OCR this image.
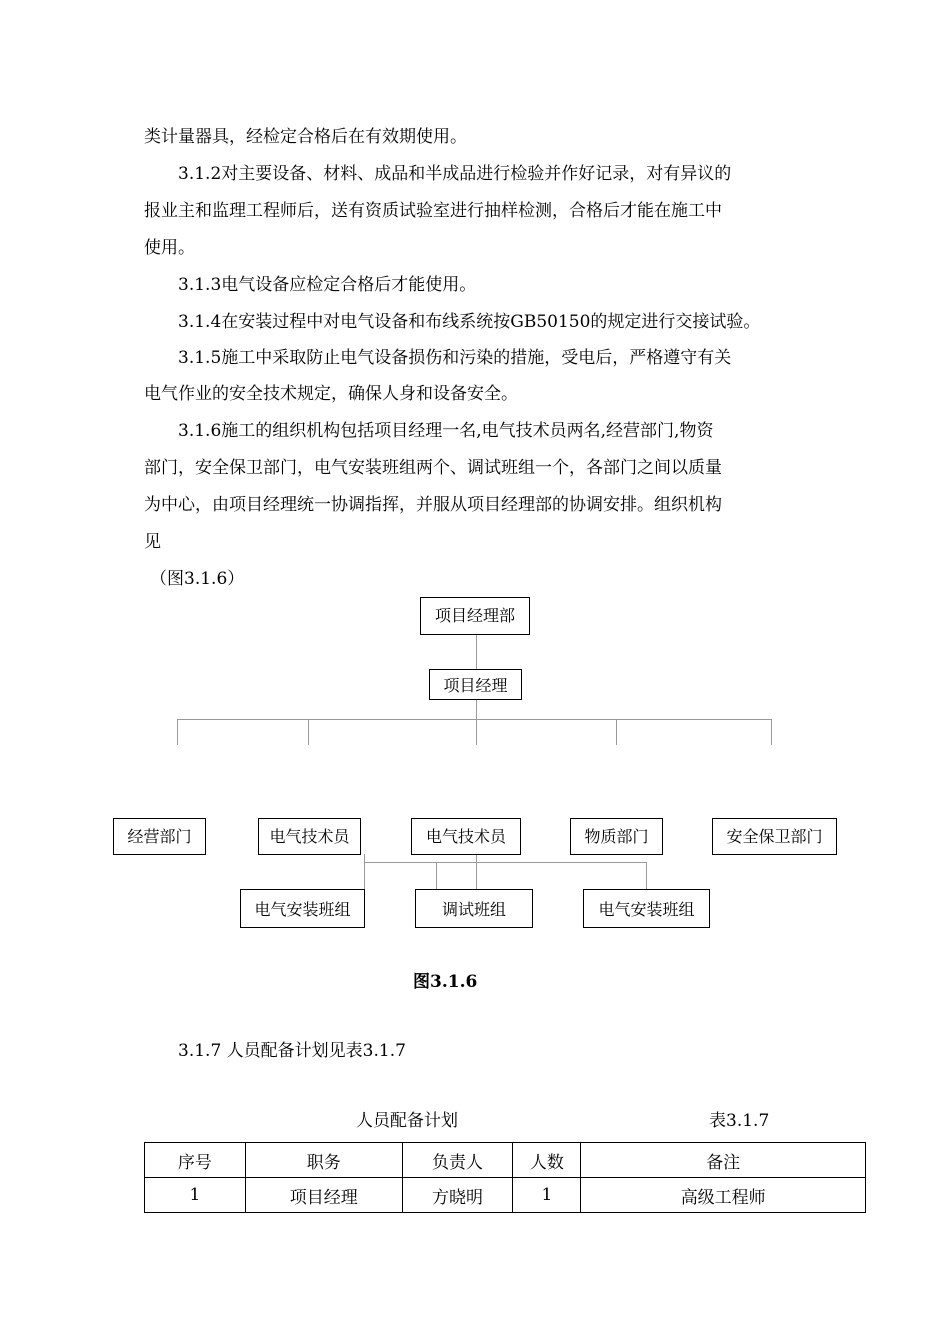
类计量器具，经检定合格后在有效期使用。
3.1.2对主要设备、材料、成品和半成品进行检验并作好记录，对有异议的
报业主和监理工程师后，送有资质试验室进行抽样检测，合格后才能在施工中
使用。
3.1.3电气设备应检定合格后才能使用。
3.1.4在安装过程中对电气设备和布线系统按GB50150的规定进行交接试验。
3.1.5施工中采取防止电气设备损伤和污染的措施，受电后，严格遵守有关
电气作业的安全技术规定，确保人身和设备安全。
3.1.6施工的组织机构包括项目经理一名,电气技术员两名,经营部门,物资
部门，安全保卫部门，电气安装班组两个、调试班组一个，各部门之间以质量
为中心，由项目经理统一协调指挥，并服从项目经理部的协调安排。组织机构
见
（图3.1.6）
项目经理部
项目经理
经营部门	电气技术员	电气技术员	物质部门	安全保卫部门
电气安装班组	调试班组	电气安装班组
图3.1.6
3.1.7 人员配备计划见表3.1.7
人员配备计划	表3.1.7
序号	职务	负责人	人数	备注
1	项目经理	方晓明	1	高级工程师
